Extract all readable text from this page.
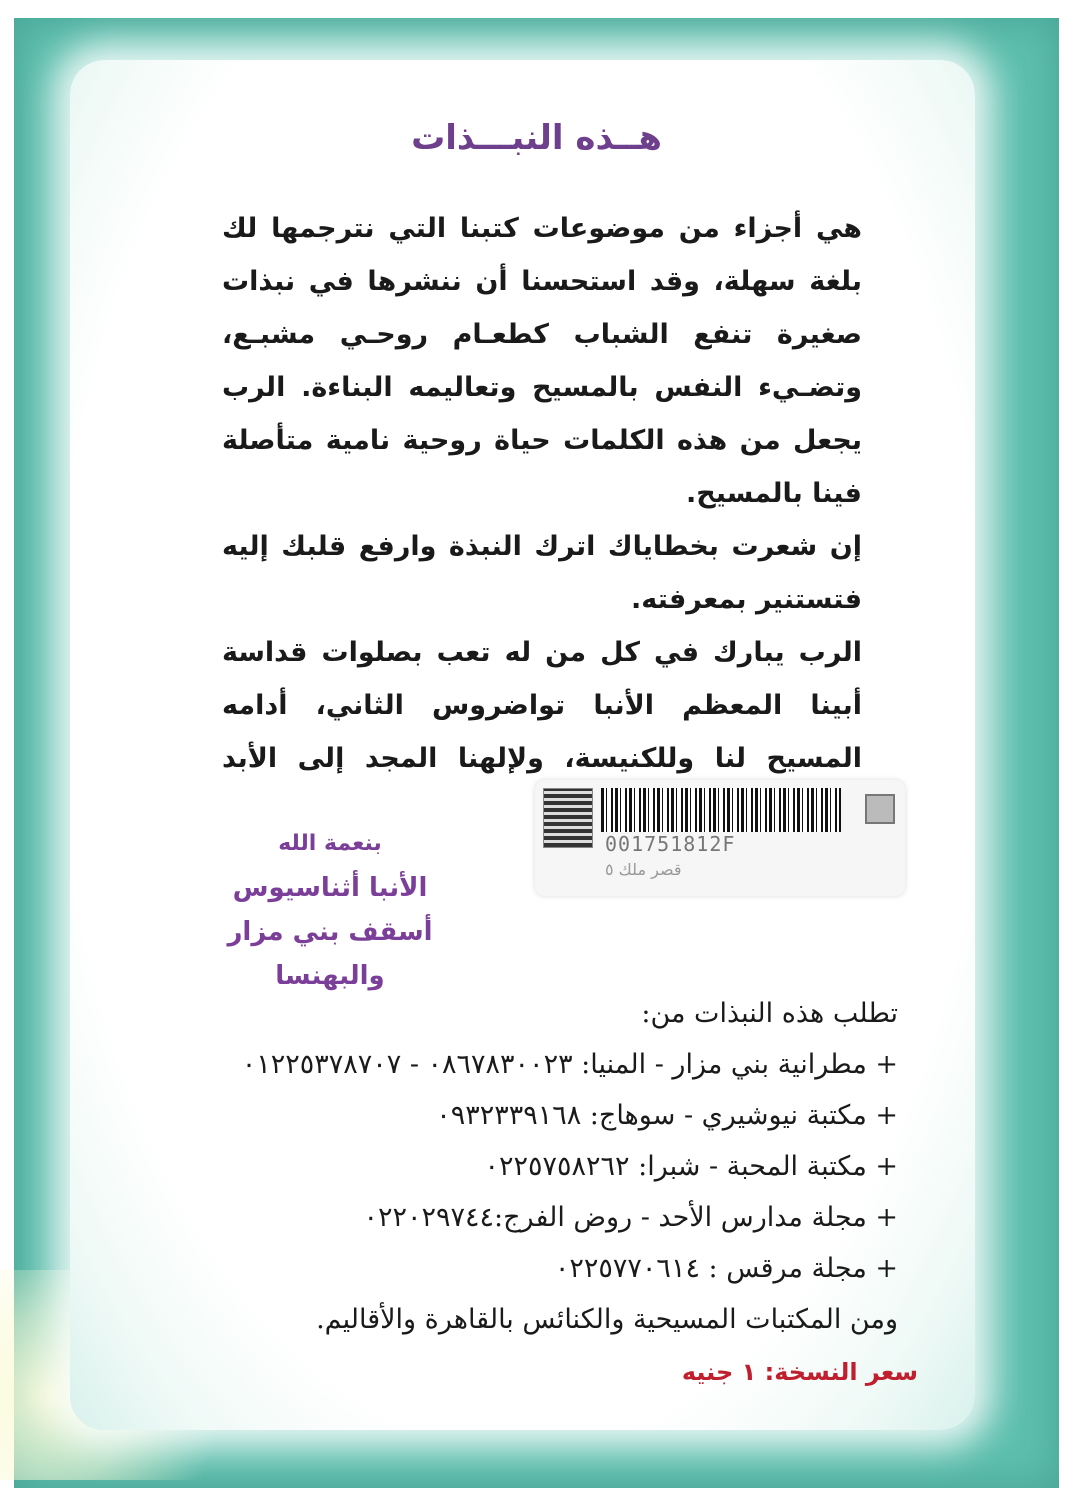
هــذه النبـــذات

هي أجزاء من موضوعات كتبنا التي نترجمها لك بلغة سهلة، وقد استحسنا أن ننشرها في نبذات صغيرة تنفع الشباب كطعـام روحـي مشبـع، وتضـيء النفس بالمسيح وتعاليمه البناءة. الرب يجعل من هذه الكلمات حياة روحية نامية متأصلة فينا بالمسيح.

إن شعرت بخطاياك اترك النبذة وارفع قلبك إليه فتستنير بمعرفته.

الرب يبارك في كل من له تعب بصلوات قداسة أبينا المعظم الأنبا تواضروس الثاني، أدامه المسيح لنا وللكنيسة، ولإلهنا المجد إلى الأبد

001751812F
قصر ملك ٥
بنعمة الله
الأنبا أثناسيوس
أسقف بني مزار والبهنسا
تطلب هذه النبذات من:
+ مطرانية بني مزار - المنيا: ٠٨٦٧٨٣٠٠٢٣ - ٠١٢٢٥٣٧٨٧٠٧
+ مكتبة نيوشيري - سوهاج: ٠٩٣٢٣٣٩١٦٨
+ مكتبة المحبة - شبرا: ٠٢٢٥٧٥٨٢٦٢
+ مجلة مدارس الأحد - روض الفرج:٠٢٢٠٢٩٧٤٤
+ مجلة مرقس : ٠٢٢٥٧٧٠٦١٤
ومن المكتبات المسيحية والكنائس بالقاهرة والأقاليم.
سعر النسخة: ١ جنيه
